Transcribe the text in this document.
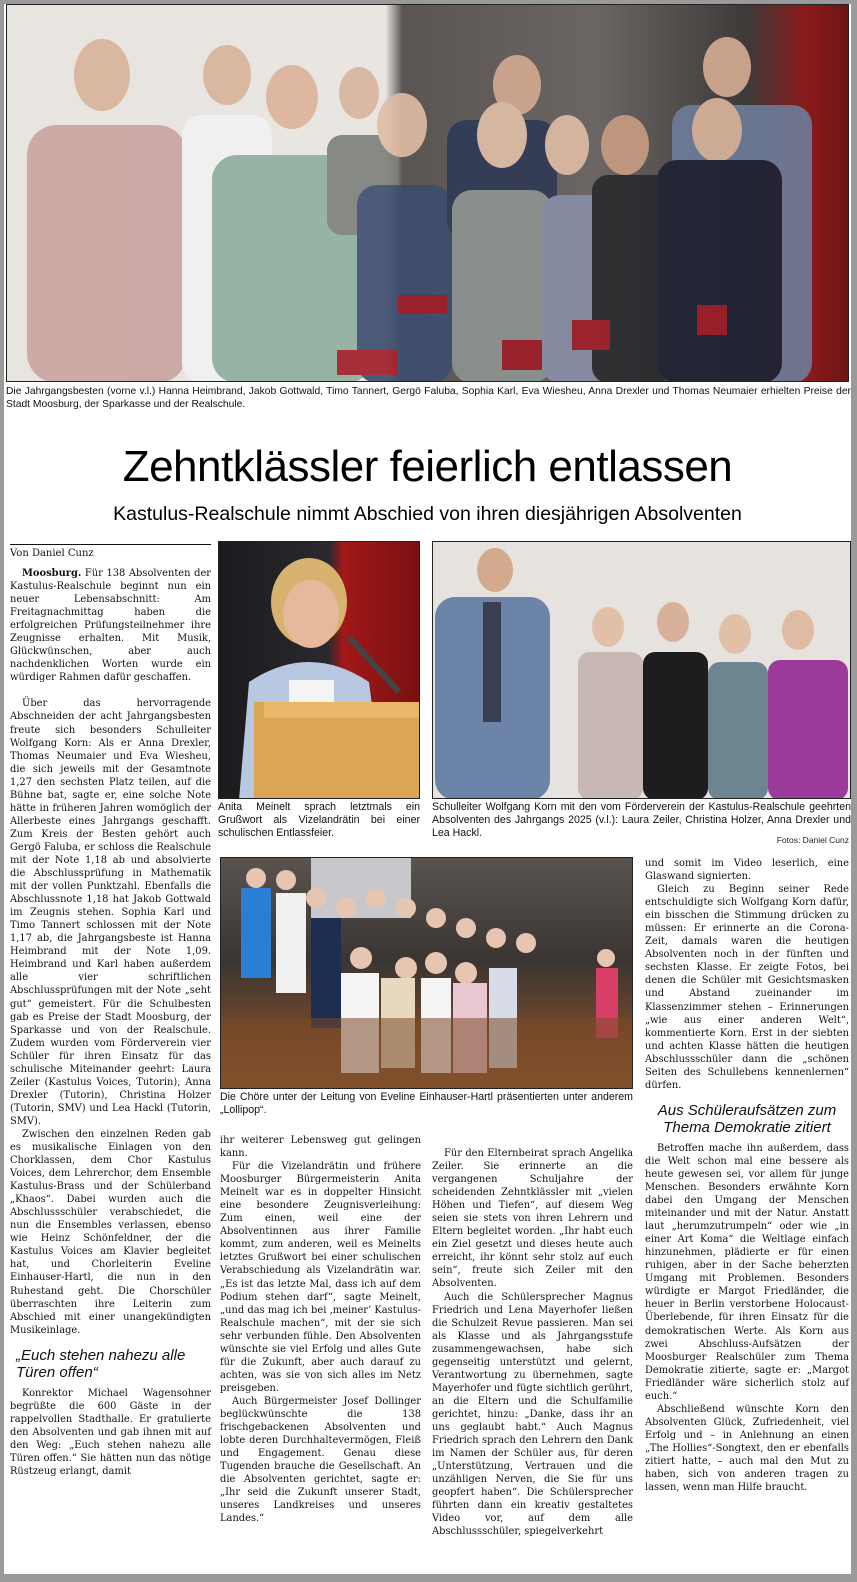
Die Jahrgangsbesten (vorne v.l.) Hanna Heimbrand, Jakob Gottwald, Timo Tannert, Gergö Faluba, Sophia Karl, Eva Wiesheu, Anna Drexler und Thomas Neumaier erhielten Preise der Stadt Moosburg, der Sparkasse und der Realschule.
Zehntklässler feierlich entlassen
Kastulus-Realschule nimmt Abschied von ihren diesjährigen Absolventen
Von Daniel Cunz

Moosburg. Für 138 Absolventen der Kastulus-Realschule beginnt nun ein neuer Lebensabschnitt: Am Freitagnachmittag haben die erfolgreichen Prüfungsteilnehmer ihre Zeugnisse erhalten. Mit Musik, Glückwünschen, aber auch nachdenklichen Worten wurde ein würdiger Rahmen dafür geschaffen.

Über das hervorragende Abschneiden der acht Jahrgangsbesten freute sich besonders Schulleiter Wolfgang Korn: Als er Anna Drexler, Thomas Neumaier und Eva Wiesheu, die sich jeweils mit der Gesamtnote 1,27 den sechsten Platz teilen, auf die Bühne bat, sagte er, eine solche Note hätte in früheren Jahren womöglich der Allerbeste eines Jahrgangs geschafft. Zum Kreis der Besten gehört auch Gergö Faluba, er schloss die Realschule mit der Note 1,18 ab und absolvierte die Abschlussprüfung in Mathematik mit der vollen Punktzahl. Ebenfalls die Abschlussnote 1,18 hat Jakob Gottwald im Zeugnis stehen. Sophia Karl und Timo Tannert schlossen mit der Note 1,17 ab, die Jahrgangsbeste ist Hanna Heimbrand mit der Note 1,09. Heimbrand und Karl haben außerdem alle vier schriftlichen Abschlussprüfungen mit der Note „seht gut“ gemeistert. Für die Schulbesten gab es Preise der Stadt Moosburg, der Sparkasse und von der Realschule. Zudem wurden vom Förderverein vier Schüler für ihren Einsatz für das schulische Miteinander geehrt: Laura Zeiler (Kastulus Voices, Tutorin), Anna Drexler (Tutorin), Christina Holzer (Tutorin, SMV) und Lea Hackl (Tutorin, SMV).

Zwischen den einzelnen Reden gab es musikalische Einlagen von den Chorklassen, dem Chor Kastulus Voices, dem Lehrerchor, dem Ensemble Kastulus-Brass und der Schülerband „Khaos“. Dabei wurden auch die Abschlussschüler verabschiedet, die nun die Ensembles verlassen, ebenso wie Heinz Schönfeldner, der die Kastulus Voices am Klavier begleitet hat, und Chorleiterin Eveline Einhauser-Hartl, die nun in den Ruhestand geht. Die Chorschüler überraschten ihre Leiterin zum Abschied mit einer unangekündigten Musikeinlage.

„Euch stehen nahezu alle Türen offen“

Konrektor Michael Wagensohner begrüßte die 600 Gäste in der rappelvollen Stadthalle. Er gratulierte den Absolventen und gab ihnen mit auf den Weg: „Euch stehen nahezu alle Türen offen.“ Sie hätten nun das nötige Rüstzeug erlangt, damit

Anita Meinelt sprach letztmals ein Grußwort als Vizelandrätin bei einer schulischen Entlassfeier.
Schulleiter Wolfgang Korn mit den vom Förderverein der Kastulus-Realschule geehrten Absolventen des Jahrgangs 2025 (v.l.): Laura Zeiler, Christina Holzer, Anna Drexler und Lea Hackl.
Fotos: Daniel Cunz
Die Chöre unter der Leitung von Eveline Einhauser-Hartl präsentierten unter anderem „Lollipop“.

ihr weiterer Lebensweg gut gelingen kann.

Für die Vizelandrätin und frühere Moosburger Bürgermeisterin Anita Meinelt war es in doppelter Hinsicht eine besondere Zeugnisverleihung: Zum einen, weil eine der Absolventinnen aus ihrer Familie kommt, zum anderen, weil es Meinelts letztes Grußwort bei einer schulischen Verabschiedung als Vizelandrätin war. „Es ist das letzte Mal, dass ich auf dem Podium stehen darf“, sagte Meinelt, „und das mag ich bei ‚meiner’ Kastulus-Realschule machen“, mit der sie sich sehr verbunden fühle. Den Absolventen wünschte sie viel Erfolg und alles Gute für die Zukunft, aber auch darauf zu achten, was sie von sich alles im Netz preisgeben.

Auch Bürgermeister Josef Dollinger beglückwünschte die 138 frischgebackenen Absolventen und lobte deren Durchhaltevermögen, Fleiß und Engagement. Genau diese Tugenden brauche die Gesellschaft. An die Absolventen gerichtet, sagte er: „Ihr seid die Zukunft unserer Stadt, unseres Landkreises und unseres Landes.“

Für den Elternbeirat sprach Angelika Zeiler. Sie erinnerte an die vergangenen Schuljahre der scheidenden Zehntklässler mit „vielen Höhen und Tiefen“, auf diesem Weg seien sie stets von ihren Lehrern und Eltern begleitet worden. „Ihr habt euch ein Ziel gesetzt und dieses heute auch erreicht, ihr könnt sehr stolz auf euch sein“, freute sich Zeiler mit den Absolventen.

Auch die Schülersprecher Magnus Friedrich und Lena Mayerhofer ließen die Schulzeit Revue passieren. Man sei als Klasse und als Jahrgangsstufe zusammengewachsen, habe sich gegenseitig unterstützt und gelernt, Verantwortung zu übernehmen, sagte Mayerhofer und fügte sichtlich gerührt, an die Eltern und die Schulfamilie gerichtet, hinzu: „Danke, dass ihr an uns geglaubt habt.“ Auch Magnus Friedrich sprach den Lehrern den Dank im Namen der Schüler aus, für deren „Unterstützung, Vertrauen und die unzähligen Nerven, die Sie für uns geopfert haben“. Die Schülersprecher führten dann ein kreativ gestaltetes Video vor, auf dem alle Abschlussschüler, spiegelverkehrt

und somit im Video leserlich, eine Glaswand signierten.

Gleich zu Beginn seiner Rede entschuldigte sich Wolfgang Korn dafür, ein bisschen die Stimmung drücken zu müssen: Er erinnerte an die Corona-Zeit, damals waren die heutigen Absolventen noch in der fünften und sechsten Klasse. Er zeigte Fotos, bei denen die Schüler mit Gesichtsmasken und Abstand zueinander im Klassenzimmer stehen – Erinnerungen „wie aus einer anderen Welt“, kommentierte Korn. Erst in der siebten und achten Klasse hätten die heutigen Abschlussschüler dann die „schönen Seiten des Schullebens kennenlernen“ dürfen.

Aus Schüleraufsätzen zum Thema Demokratie zitiert

Betroffen mache ihn außerdem, dass die Welt schon mal eine bessere als heute gewesen sei, vor allem für junge Menschen. Besonders erwähnte Korn dabei den Umgang der Menschen miteinander und mit der Natur. Anstatt laut „herumzutrumpeln“ oder wie „in einer Art Koma“ die Weltlage einfach hinzunehmen, plädierte er für einen ruhigen, aber in der Sache beherzten Umgang mit Problemen. Besonders würdigte er Margot Friedländer, die heuer in Berlin verstorbene Holocaust-Überlebende, für ihren Einsatz für die demokratischen Werte. Als Korn aus zwei Abschluss-Aufsätzen der Moosburger Realschüler zum Thema Demokratie zitierte, sagte er: „Margot Friedländer wäre sicherlich stolz auf euch.“

Abschließend wünschte Korn den Absolventen Glück, Zufriedenheit, viel Erfolg und – in Anlehnung an einen „The Hollies“-Songtext, den er ebenfalls zitiert hatte, – auch mal den Mut zu haben, sich von anderen tragen zu lassen, wenn man Hilfe braucht.
